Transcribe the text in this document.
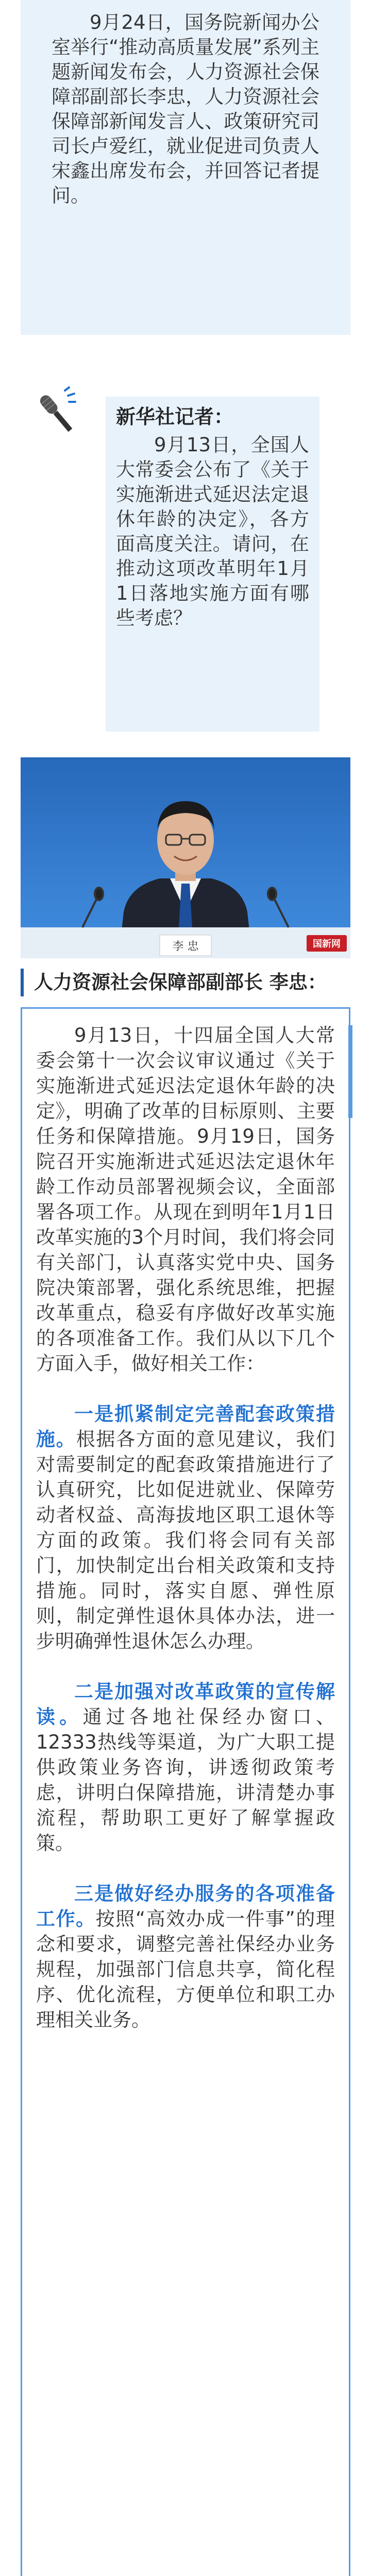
9月24日，国务院新闻办公室举行“推动高质量发展”系列主题新闻发布会，人力资源社会保障部副部长李忠，人力资源社会保障部新闻发言人、政策研究司司长卢爱红，就业促进司负责人宋鑫出席发布会，并回答记者提问。
新华社记者：
9月13日，全国人大常委会公布了《关于实施渐进式延迟法定退休年龄的决定》，各方面高度关注。请问，在推动这项改革明年1月1日落地实施方面有哪些考虑？
李 忠	国新网
人力资源社会保障部副部长 李忠：

9月13日，十四届全国人大常委会第十一次会议审议通过《关于实施渐进式延迟法定退休年龄的决定》，明确了改革的目标原则、主要任务和保障措施。9月19日，国务院召开实施渐进式延迟法定退休年龄工作动员部署视频会议，全面部署各项工作。从现在到明年1月1日改革实施的3个月时间，我们将会同有关部门，认真落实党中央、国务院决策部署，强化系统思维，把握改革重点，稳妥有序做好改革实施的各项准备工作。我们从以下几个方面入手，做好相关工作：

一是抓紧制定完善配套政策措施。根据各方面的意见建议，我们对需要制定的配套政策措施进行了认真研究，比如促进就业、保障劳动者权益、高海拔地区职工退休等方面的政策。我们将会同有关部门，加快制定出台相关政策和支持措施。同时，落实自愿、弹性原则，制定弹性退休具体办法，进一步明确弹性退休怎么办理。

二是加强对改革政策的宣传解读。通过各地社保经办窗口、12333热线等渠道，为广大职工提供政策业务咨询，讲透彻政策考虑，讲明白保障措施，讲清楚办事流程，帮助职工更好了解掌握政策。

三是做好经办服务的各项准备工作。按照“高效办成一件事”的理念和要求，调整完善社保经办业务规程，加强部门信息共享，简化程序、优化流程，方便单位和职工办理相关业务。
